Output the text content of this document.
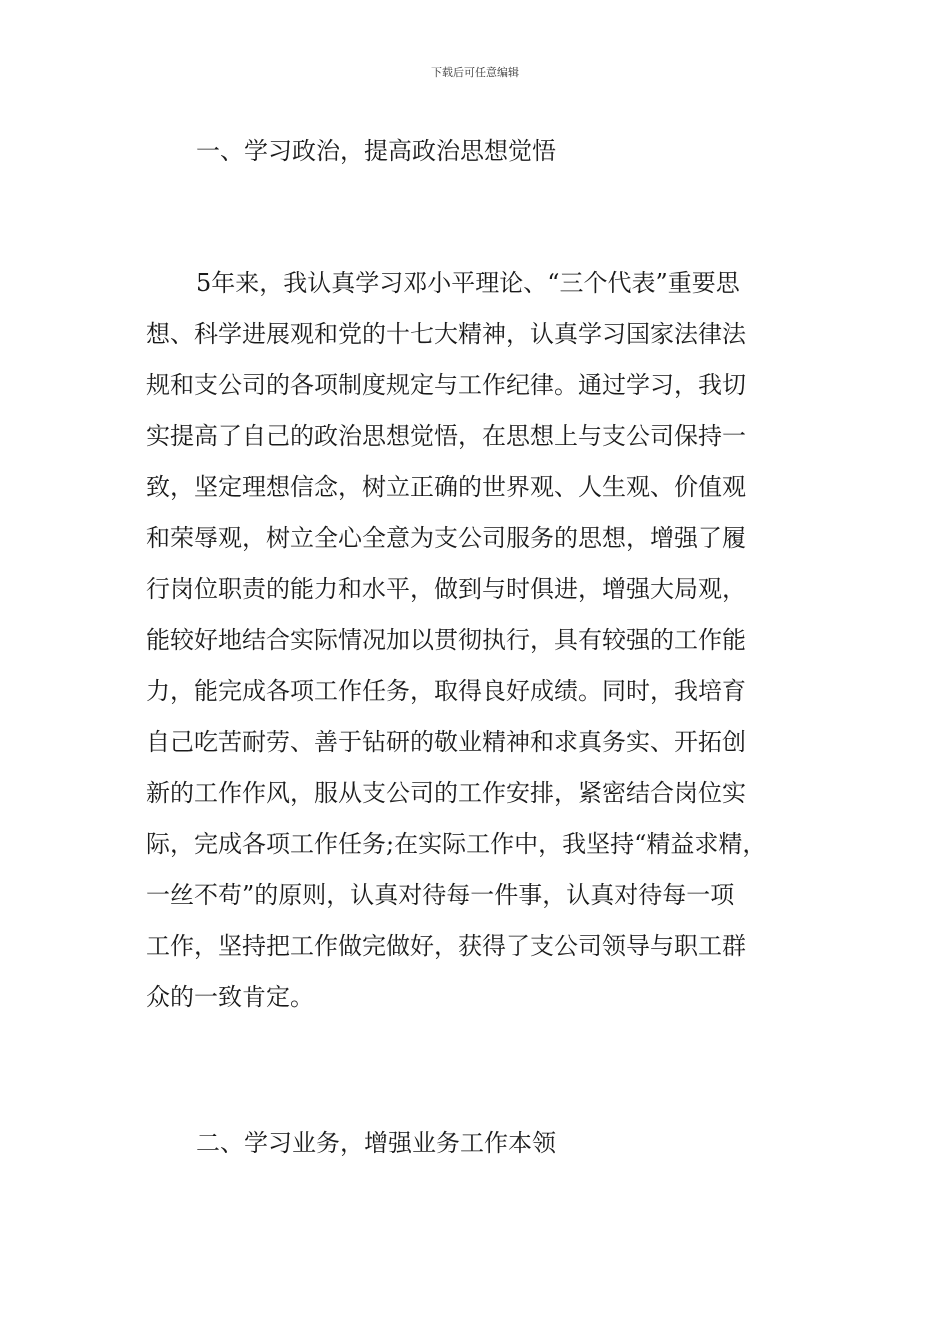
下载后可任意编辑
一、学习政治，提高政治思想觉悟
5年来，我认真学习邓小平理论、“三个代表”重要思
想、科学进展观和党的十七大精神，认真学习国家法律法
规和支公司的各项制度规定与工作纪律。通过学习，我切
实提高了自己的政治思想觉悟，在思想上与支公司保持一
致，坚定理想信念，树立正确的世界观、人生观、价值观
和荣辱观，树立全心全意为支公司服务的思想，增强了履
行岗位职责的能力和水平，做到与时俱进，增强大局观，
能较好地结合实际情况加以贯彻执行，具有较强的工作能
力，能完成各项工作任务，取得良好成绩。同时，我培育
自己吃苦耐劳、善于钻研的敬业精神和求真务实、开拓创
新的工作作风，服从支公司的工作安排，紧密结合岗位实
际，完成各项工作任务;在实际工作中，我坚持“精益求精，
一丝不苟”的原则，认真对待每一件事，认真对待每一项
工作，坚持把工作做完做好，获得了支公司领导与职工群
众的一致肯定。
二、学习业务，增强业务工作本领
